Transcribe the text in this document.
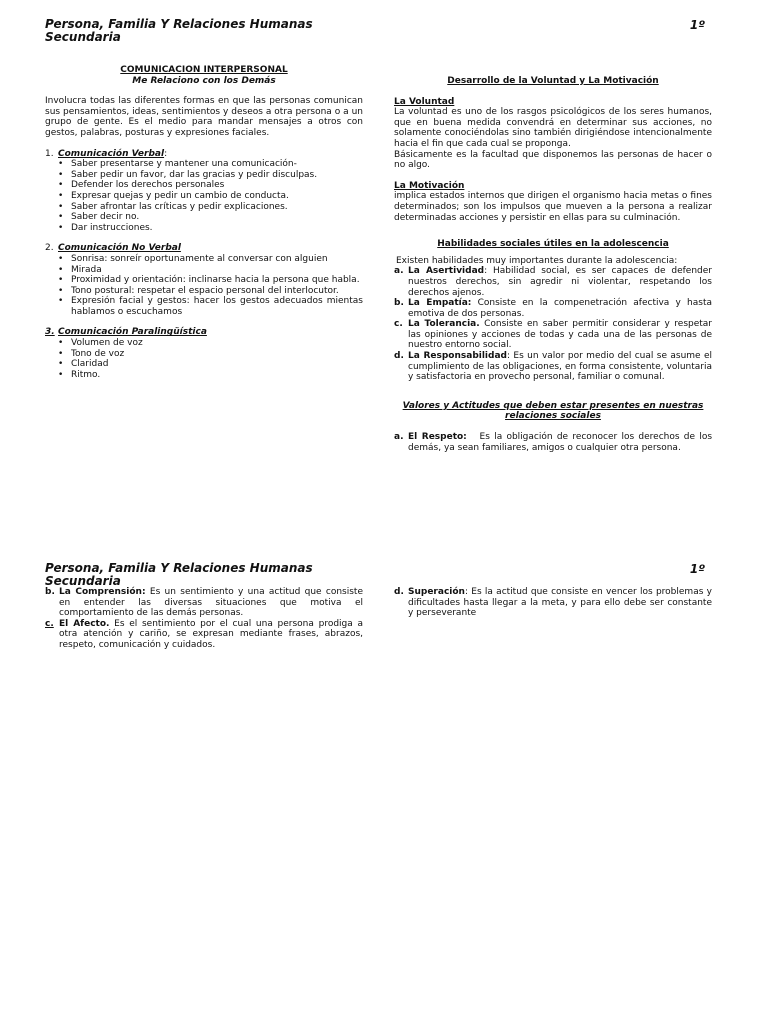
Persona, Familia Y Relaciones Humanas
Secundaria
1º
COMUNICACION INTERPERSONAL
Me Relaciono con los Demás

Involucra todas las diferentes formas en que las personas comunican sus pensamientos, ideas, sentimientos y deseos a otra persona o a un grupo de gente. Es el medio para mandar mensajes a otros con gestos, palabras, posturas y expresiones faciales.

1. Comunicación Verbal:
• Saber presentarse y mantener una comunicación-
• Saber pedir un favor, dar las gracias y pedir disculpas.
• Defender los derechos personales
• Expresar quejas y pedir un cambio de conducta.
• Saber afrontar las críticas y pedir explicaciones.
• Saber decir no.
• Dar instrucciones.
2. Comunicación No Verbal
• Sonrisa: sonreír oportunamente al conversar con alguien
• Mirada
• Proximidad y orientación: inclinarse hacia la persona que habla.
• Tono postural: respetar el espacio personal del interlocutor.
• Expresión facial y gestos: hacer los gestos adecuados mientas hablamos o escuchamos
3. Comunicación Paralingüística
• Volumen de voz
• Tono de voz
• Claridad
• Ritmo.
Desarrollo de la Voluntad y La Motivación
La Voluntad

La voluntad es uno de los rasgos psicológicos de los seres humanos, que en buena medida convendrá en determinar sus acciones, no solamente conociéndolas sino también dirigiéndose intencionalmente hacia el fin que cada cual se proponga.

Básicamente es la facultad que disponemos las personas de hacer o no algo.

La Motivación

implica estados internos que dirigen el organismo hacia metas o fines determinados; son los impulsos que mueven a la persona a realizar determinadas acciones y persistir en ellas para su culminación.

Habilidades sociales útiles en la adolescencia

Existen habilidades muy importantes durante la adolescencia:

a. La Asertividad: Habilidad social, es ser capaces de defender nuestros derechos, sin agredir ni violentar, respetando los derechos ajenos.
b. La Empatía: Consiste en la compenetración afectiva y hasta emotiva de dos personas.
c. La Tolerancia. Consiste en saber permitir considerar y respetar las opiniones y acciones de todas y cada una de las personas de nuestro entorno social.
d. La Responsabilidad: Es un valor por medio del cual se asume el cumplimiento de las obligaciones, en forma consistente, voluntaria y satisfactoria en provecho personal, familiar o comunal.
Valores y Actitudes que deben estar presentes en nuestras
relaciones sociales
a. El Respeto:   Es la obligación de reconocer los derechos de los demás, ya sean familiares, amigos o cualquier otra persona.
Persona, Familia Y Relaciones Humanas
Secundaria
1º
b. La Comprensión: Es un sentimiento y una actitud que consiste en entender las diversas situaciones que motiva el comportamiento de las demás personas.
c. El Afecto. Es el sentimiento por el cual una persona prodiga a otra atención y cariño, se expresan mediante frases, abrazos, respeto, comunicación y cuidados.
d. Superación: Es la actitud que consiste en vencer los problemas y dificultades hasta llegar a la meta, y para ello debe ser constante y perseverante
